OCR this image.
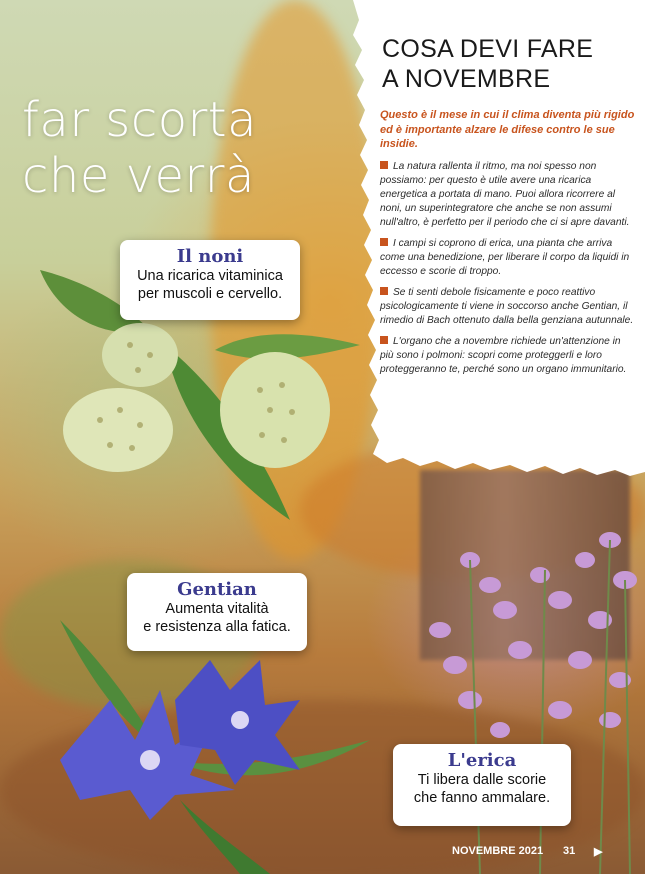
far scorta
che verrà
COSA DEVI FARE
A NOVEMBRE

Questo è il mese in cui il clima diventa più rigido ed è importante alzare le difese contro le sue insidie.

La natura rallenta il ritmo, ma noi spesso non possiamo: per questo è utile avere una ricarica energetica a portata di mano. Puoi allora ricorrere al noni, un superintegratore che anche se non assumi null'altro, è perfetto per il periodo che ci si apre davanti.

I campi si coprono di erica, una pianta che arriva come una benedizione, per liberare il corpo da liquidi in eccesso e scorie di troppo.

Se ti senti debole fisicamente e poco reattivo psicologicamente ti viene in soccorso anche Gentian, il rimedio di Bach ottenuto dalla bella genziana autunnale.

L'organo che a novembre richiede un'attenzione in più sono i polmoni: scopri come proteggerli e loro proteggeranno te, perché sono un organo immunitario.

Il noni
Una ricarica vitaminica
per muscoli e cervello.
Gentian
Aumenta vitalità
e resistenza alla fatica.
L'erica
Ti libera dalle scorie
che fanno ammalare.
NOVEMBRE 2021 31 ▶
